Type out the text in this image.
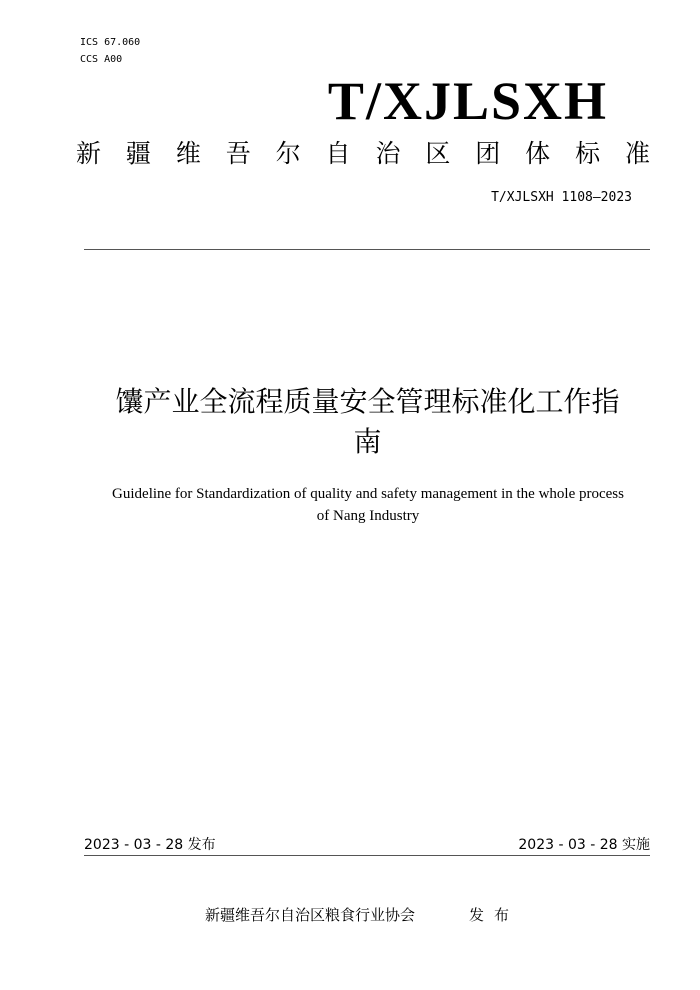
ICS 67.060
CCS A00
T/XJLSXH
新 疆 维 吾 尔 自 治 区 团 体 标 准
T/XJLSXH 1108—2023
馕产业全流程质量安全管理标准化工作指
南
Guideline for Standardization of quality and safety management in the whole process
of Nang Industry
2023 - 03 - 28 发布	2023 - 03 - 28 实施
新疆维吾尔自治区粮食行业协会	发布
